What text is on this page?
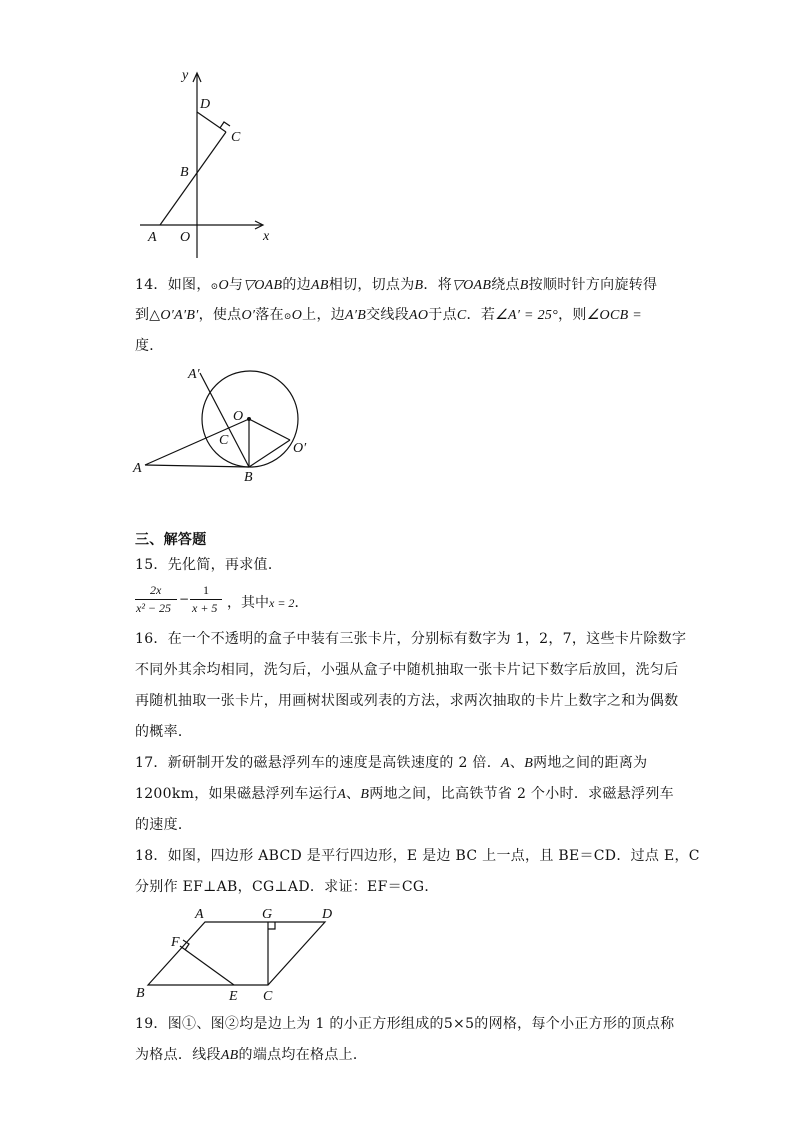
y
D
C
B
A O	x
14．如图，⊙O与▽OAB的边AB相切，切点为B．将▽OAB绕点B按顺时针方向旋转得
到△O′A′B′，使点O′落在⊙O上，边A′B交线段AO于点C．若∠A′ = 25°，则∠OCB =
度．
A′
O
C
O′
A
B
三、解答题
15．先化简，再求值．
2x
x² − 25
−
1
x + 5 ，其中x = 2．
16．在一个不透明的盒子中装有三张卡片，分别标有数字为 1，2，7，这些卡片除数字
不同外其余均相同，洗匀后，小强从盒子中随机抽取一张卡片记下数字后放回，洗匀后
再随机抽取一张卡片，用画树状图或列表的方法，求两次抽取的卡片上数字之和为偶数
的概率．
17．新研制开发的磁悬浮列车的速度是高铁速度的 2 倍．A、B两地之间的距离为
1200km，如果磁悬浮列车运行A、B两地之间，比高铁节省 2 个小时．求磁悬浮列车
的速度．
18．如图，四边形 ABCD 是平行四边形，E 是边 BC 上一点，且 BE＝CD．过点 E，C
分别作 EF⊥AB，CG⊥AD．求证：EF＝CG．
A	G	D
F
B	E C
19．图①、图②均是边上为 1 的小正方形组成的5×5的网格，每个小正方形的顶点称
为格点．线段AB的端点均在格点上．
